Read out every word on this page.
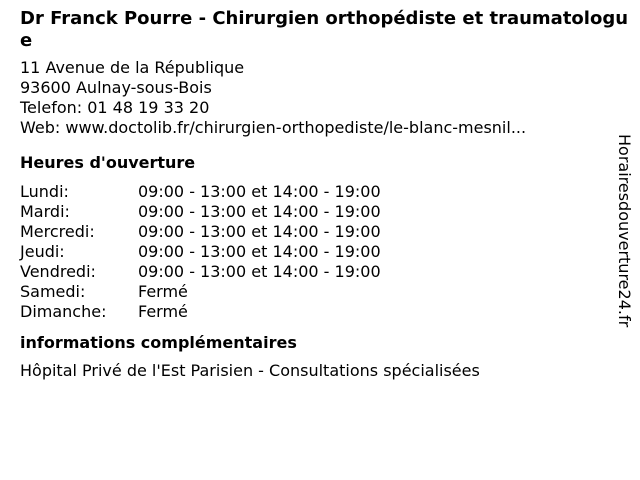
Dr Franck Pourre - Chirurgien orthopédiste et traumatologue
11 Avenue de la République
93600 Aulnay-sous-Bois
Telefon: 01 48 19 33 20
Web: www.doctolib.fr/chirurgien-orthopediste/le-blanc-mesnil...
Heures d'ouverture
Lundi:	09:00 - 13:00 et 14:00 - 19:00
Mardi:	09:00 - 13:00 et 14:00 - 19:00
Mercredi:	09:00 - 13:00 et 14:00 - 19:00
Jeudi:	09:00 - 13:00 et 14:00 - 19:00
Vendredi:	09:00 - 13:00 et 14:00 - 19:00
Samedi:	Fermé
Dimanche:	Fermé
informations complémentaires
Hôpital Privé de l'Est Parisien - Consultations spécialisées
Horairesdouverture24.fr
